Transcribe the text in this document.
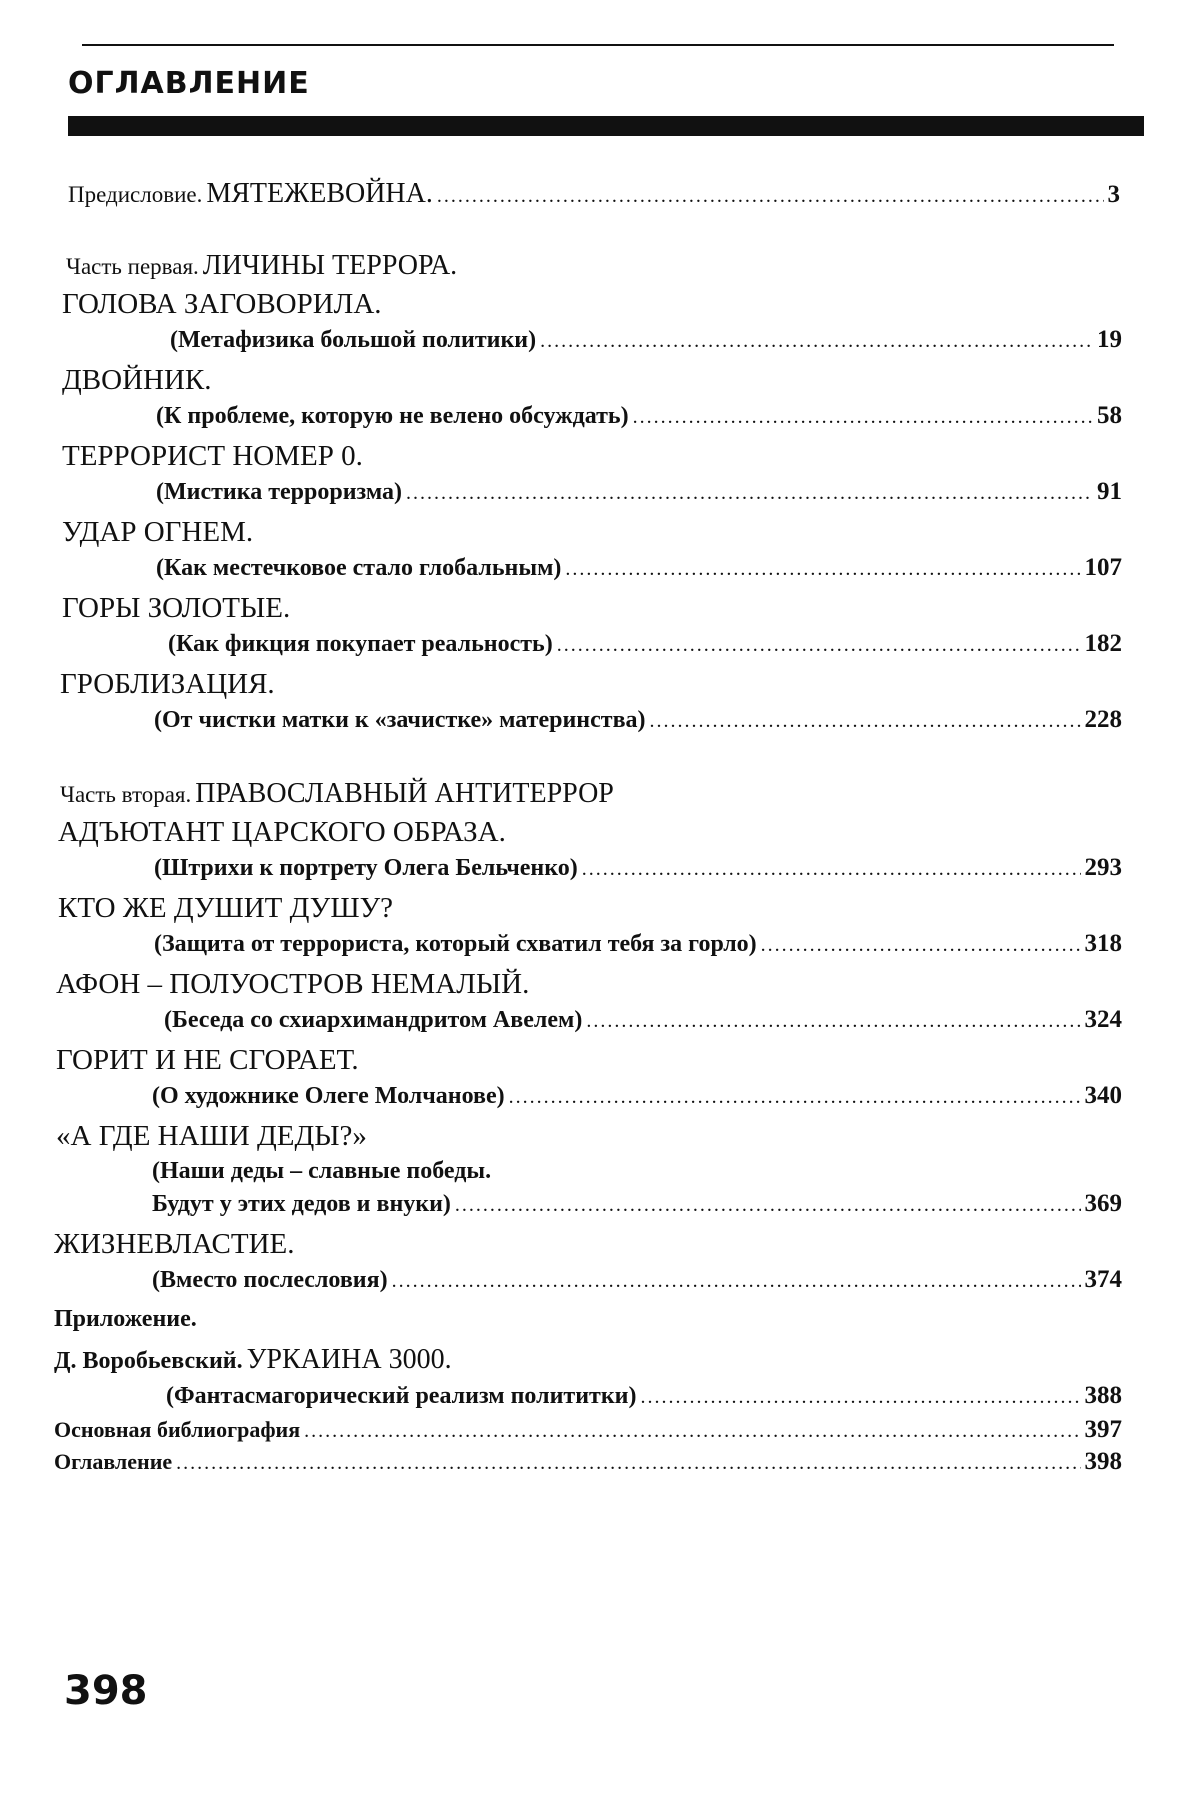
ОГЛАВЛЕНИЕ
Предисловие.
МЯТЕЖЕВОЙНА. .....	3
Часть первая.
ЛИЧИНЫ ТЕРРОРА.
ГОЛОВА ЗАГОВОРИЛА.
(Метафизика большой политики) .....	19
ДВОЙНИК.
(К проблеме, которую не велено обсуждать) .....	58
ТЕРРОРИСТ НОМЕР 0.
(Мистика терроризма) .....	91
УДАР ОГНЕМ.
(Как местечковое стало глобальным) .....	107
ГОРЫ ЗОЛОТЫЕ.
(Как фикция покупает реальность) .....	182
ГРОБЛИЗАЦИЯ.
(От чистки матки к «зачистке» материнства) .....	228
Часть вторая.
ПРАВОСЛАВНЫЙ АНТИТЕРРОР
АДЪЮТАНТ ЦАРСКОГО ОБРАЗА.
(Штрихи к портрету Олега Бельченко) .....	293
КТО ЖЕ ДУШИТ ДУШУ?
(Защита от террориста, который схватил тебя за горло) .....	318
АФОН – ПОЛУОСТРОВ НЕМАЛЫЙ.
(Беседа со схиархимандритом Авелем) .....	324
ГОРИТ И НЕ СГОРАЕТ.
(О художнике Олеге Молчанове) .....	340
«А ГДЕ НАШИ ДЕДЫ?»
(Наши деды – славные победы.
Будут у этих дедов и внуки) .....	369
ЖИЗНЕВЛАСТИЕ.
(Вместо послесловия) .....	374
Приложение.
Д. Воробьевский.
УРКАИНА 3000.
(Фантасмагорический реализм полититки) .....	388
Основная библиография .....	397
Оглавление .....	398
398
